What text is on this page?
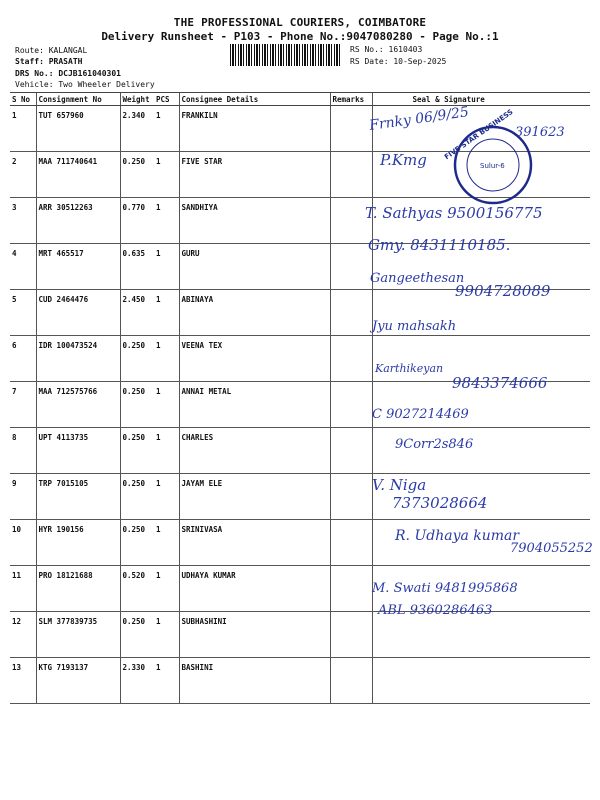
THE PROFESSIONAL COURIERS, COIMBATORE
Delivery Runsheet - P103 - Phone No.:9047080280 - Page No.:1
Route: KALANGAL
Staff: PRASATH
DRS No.: DCJB161040301
Vehicle: Two Wheeler Delivery
RS No.: 1610403
RS Date: 10-Sep-2025
S No	Consignment No	Weight	PCS	Consignee Details	Remarks	Seal & Signature
1	TUT 657960	2.340	1	FRANKILN		
2	MAA 711740641	0.250	1	FIVE STAR		
3	ARR 30512263	0.770	1	SANDHIYA		
4	MRT 465517	0.635	1	GURU		
5	CUD 2464476	2.450	1	ABINAYA		
6	IDR 100473524	0.250	1	VEENA TEX		
7	MAA 712575766	0.250	1	ANNAI METAL		
8	UPT 4113735	0.250	1	CHARLES		
9	TRP 7015105	0.250	1	JAYAM ELE		
10	HYR 190156	0.250	1	SRINIVASA		
11	PRO 18121688	0.520	1	UDHAYA KUMAR		
12	SLM 377839735	0.250	1	SUBHASHINI		
13	KTG 7193137	2.330	1	BASHINI		
Frnky 06/9/25	391623
P.Kmg
T. Sathyas 9500156775
Gmy. 8431110185.
Gangeethesan
9904728089
Jyu mahsakh
Karthikeyan
9843374666
C 9027214469
9Corr2s846
V. Niga
7373028664
R. Udhaya kumar
7904055252
M. Swati 9481995868
ABL 9360286463
FIVE STAR BUSINESS
Sulur-6
